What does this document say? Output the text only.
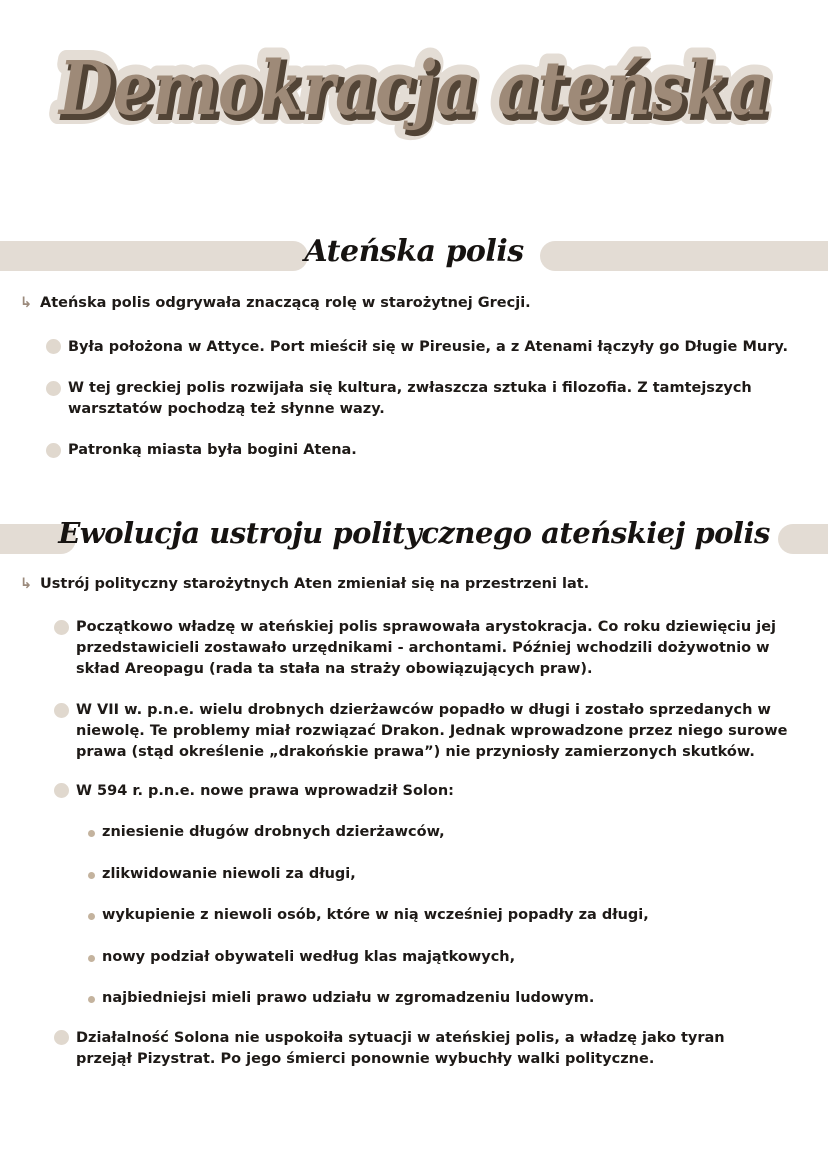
Demokracja ateńska
Demokracja ateńska
Demokracja ateńska
Ateńska polis
↳ Ateńska polis odgrywała znaczącą rolę w starożytnej Grecji.
Była położona w Attyce. Port mieścił się w Pireusie, a z Atenami łączyły go Długie Mury.
W tej greckiej polis rozwijała się kultura, zwłaszcza sztuka i filozofia. Z tamtejszych warsztatów pochodzą też słynne wazy.
Patronką miasta była bogini Atena.
Ewolucja ustroju politycznego ateńskiej polis
↳ Ustrój polityczny starożytnych Aten zmieniał się na przestrzeni lat.
Początkowo władzę w ateńskiej polis sprawowała arystokracja. Co roku dziewięciu jej przedstawicieli zostawało urzędnikami - archontami. Później wchodzili dożywotnio w skład Areopagu (rada ta stała na straży obowiązujących praw).
W VII w. p.n.e. wielu drobnych dzierżawców popadło w długi i zostało sprzedanych w niewolę. Te problemy miał rozwiązać Drakon. Jednak wprowadzone przez niego surowe prawa (stąd określenie „drakońskie prawa”) nie przyniosły zamierzonych skutków.
W 594 r. p.n.e. nowe prawa wprowadził Solon:
zniesienie długów drobnych dzierżawców,
zlikwidowanie niewoli za długi,
wykupienie z niewoli osób, które w nią wcześniej popadły za długi,
nowy podział obywateli według klas majątkowych,
najbiedniejsi mieli prawo udziału w zgromadzeniu ludowym.
Działalność Solona nie uspokoiła sytuacji w ateńskiej polis, a władzę jako tyran przejął Pizystrat. Po jego śmierci ponownie wybuchły walki polityczne.
